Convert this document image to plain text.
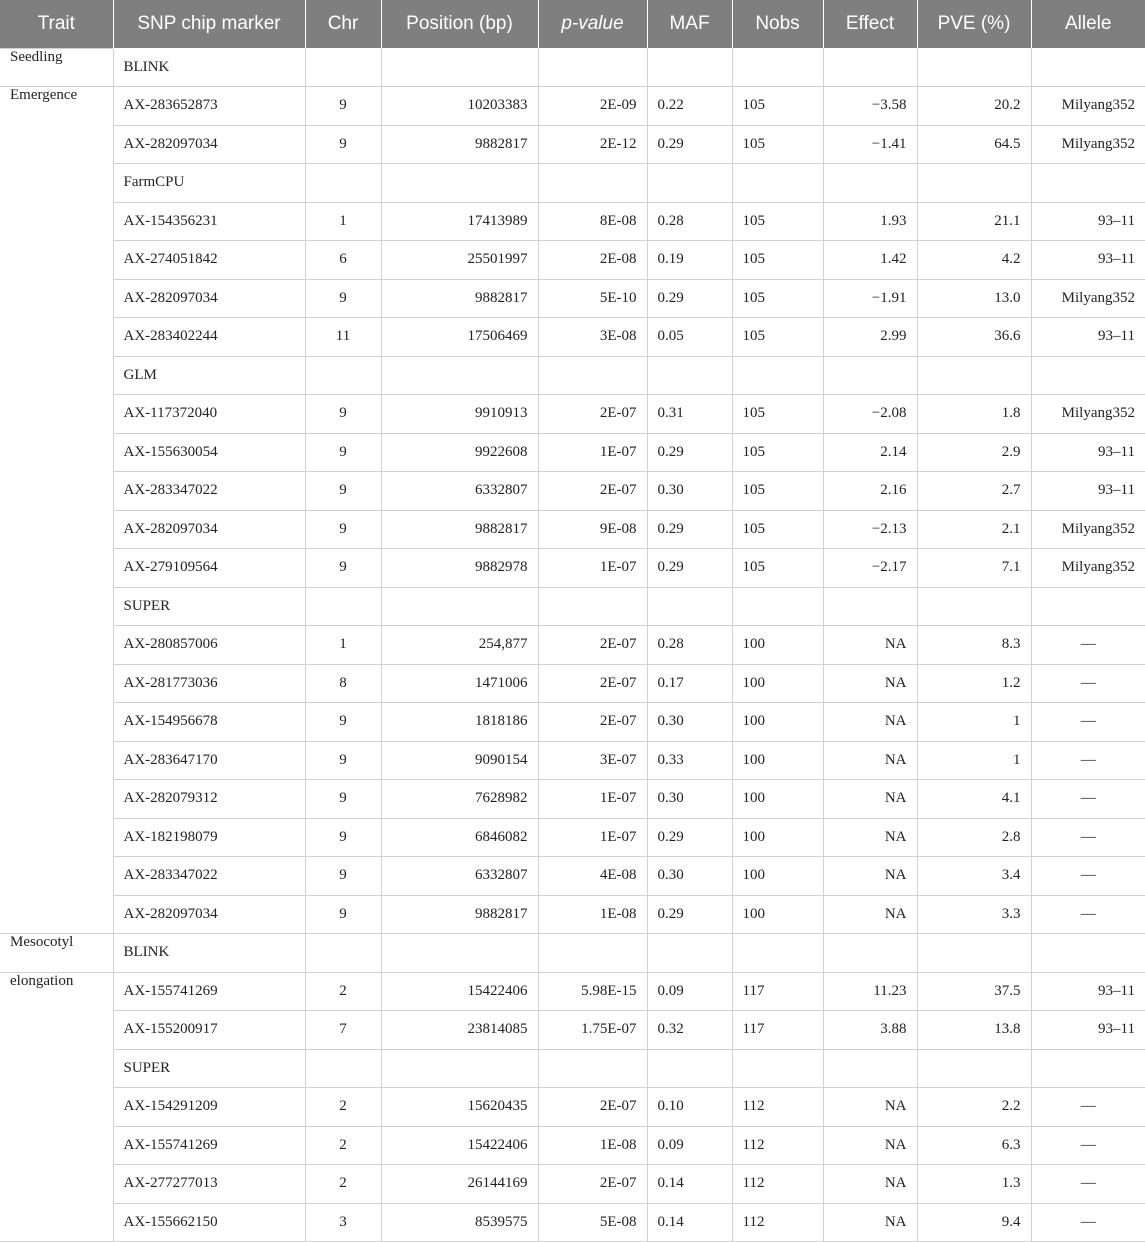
Trait	SNP chip marker	Chr	Position (bp)	p-value	MAF	Nobs	Effect	PVE (%)	Allele
Seedling	BLINK								
Emergence	AX-283652873	9	10203383	2E-09	0.22	105	−3.58	20.2	Milyang352
	AX-282097034	9	9882817	2E-12	0.29	105	−1.41	64.5	Milyang352
	FarmCPU								
	AX-154356231	1	17413989	8E-08	0.28	105	1.93	21.1	93–11
	AX-274051842	6	25501997	2E-08	0.19	105	1.42	4.2	93–11
	AX-282097034	9	9882817	5E-10	0.29	105	−1.91	13.0	Milyang352
	AX-283402244	11	17506469	3E-08	0.05	105	2.99	36.6	93–11
	GLM								
	AX-117372040	9	9910913	2E-07	0.31	105	−2.08	1.8	Milyang352
	AX-155630054	9	9922608	1E-07	0.29	105	2.14	2.9	93–11
	AX-283347022	9	6332807	2E-07	0.30	105	2.16	2.7	93–11
	AX-282097034	9	9882817	9E-08	0.29	105	−2.13	2.1	Milyang352
	AX-279109564	9	9882978	1E-07	0.29	105	−2.17	7.1	Milyang352
	SUPER								
	AX-280857006	1	254,877	2E-07	0.28	100	NA	8.3	—
	AX-281773036	8	1471006	2E-07	0.17	100	NA	1.2	—
	AX-154956678	9	1818186	2E-07	0.30	100	NA	1	—
	AX-283647170	9	9090154	3E-07	0.33	100	NA	1	—
	AX-282079312	9	7628982	1E-07	0.30	100	NA	4.1	—
	AX-182198079	9	6846082	1E-07	0.29	100	NA	2.8	—
	AX-283347022	9	6332807	4E-08	0.30	100	NA	3.4	—
	AX-282097034	9	9882817	1E-08	0.29	100	NA	3.3	—
Mesocotyl	BLINK								
elongation	AX-155741269	2	15422406	5.98E-15	0.09	117	11.23	37.5	93–11
	AX-155200917	7	23814085	1.75E-07	0.32	117	3.88	13.8	93–11
	SUPER								
	AX-154291209	2	15620435	2E-07	0.10	112	NA	2.2	—
	AX-155741269	2	15422406	1E-08	0.09	112	NA	6.3	—
	AX-277277013	2	26144169	2E-07	0.14	112	NA	1.3	—
	AX-155662150	3	8539575	5E-08	0.14	112	NA	9.4	—
